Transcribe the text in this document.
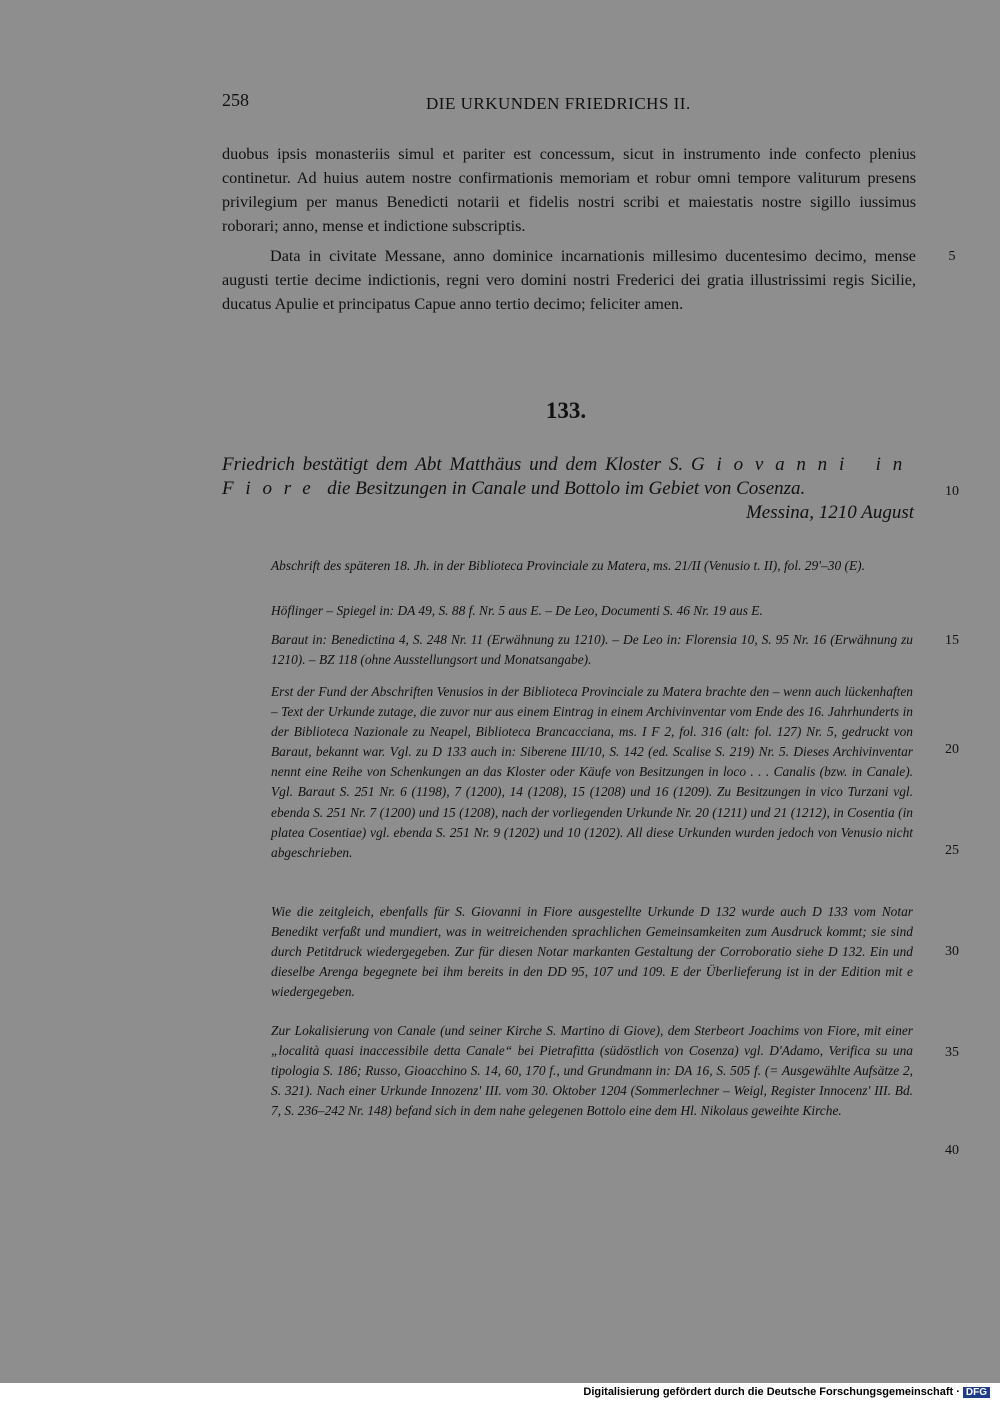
258	DIE URKUNDEN FRIEDRICHS II.
duobus ipsis monasteriis simul et pariter est concessum, sicut in instrumento inde confecto plenius continetur. Ad huius autem nostre confirmationis memoriam et robur omni tempore valiturum presens privilegium per manus Benedicti notarii et fidelis nostri scribi et maiestatis nostre sigillo iussimus roborari; anno, mense et indictione subscriptis.
Data in civitate Messane, anno dominice incarnationis millesimo ducentesimo decimo, mense augusti tertie decime indictionis, regni vero domini nostri Frederici dei gratia illustrissimi regis Sicilie, ducatus Apulie et principatus Capue anno tertio decimo; feliciter amen.
133.
Friedrich bestätigt dem Abt Matthäus und dem Kloster S. Giovanni in
Fiore die Besitzungen in Canale und Bottolo im Gebiet von Cosenza.
Messina, 1210 August
Abschrift des späteren 18. Jh. in der Biblioteca Provinciale zu Matera, ms. 21/II (Venusio t. II), fol. 29'–30 (E).
Höflinger – Spiegel in: DA 49, S. 88 f. Nr. 5 aus E. – De Leo, Documenti S. 46 Nr. 19 aus E.
Baraut in: Benedictina 4, S. 248 Nr. 11 (Erwähnung zu 1210). – De Leo in: Florensia 10, S. 95 Nr. 16 (Erwähnung zu 1210). – BZ 118 (ohne Ausstellungsort und Monatsangabe).
Erst der Fund der Abschriften Venusios in der Biblioteca Provinciale zu Matera brachte den – wenn auch lückenhaften – Text der Urkunde zutage, die zuvor nur aus einem Eintrag in einem Archivinventar vom Ende des 16. Jahrhunderts in der Biblioteca Nazionale zu Neapel, Biblioteca Brancacciana, ms. I F 2, fol. 316 (alt: fol. 127) Nr. 5, gedruckt von Baraut, bekannt war. Vgl. zu D 133 auch in: Siberene III/10, S. 142 (ed. Scalise S. 219) Nr. 5. Dieses Archivinventar nennt eine Reihe von Schenkungen an das Kloster oder Käufe von Besitzungen in loco . . . Canalis (bzw. in Canale). Vgl. Baraut S. 251 Nr. 6 (1198), 7 (1200), 14 (1208), 15 (1208) und 16 (1209). Zu Besitzungen in vico Turzani vgl. ebenda S. 251 Nr. 7 (1200) und 15 (1208), nach der vorliegenden Urkunde Nr. 20 (1211) und 21 (1212), in Cosentia (in platea Cosentiae) vgl. ebenda S. 251 Nr. 9 (1202) und 10 (1202). All diese Urkunden wurden jedoch von Venusio nicht abgeschrieben.
Wie die zeitgleich, ebenfalls für S. Giovanni in Fiore ausgestellte Urkunde D 132 wurde auch D 133 vom Notar Benedikt verfaßt und mundiert, was in weitreichenden sprachlichen Gemeinsamkeiten zum Ausdruck kommt; sie sind durch Petitdruck wiedergegeben. Zur für diesen Notar markanten Gestaltung der Corroboratio siehe D 132. Ein und dieselbe Arenga begegnete bei ihm bereits in den DD 95, 107 und 109. E der Überlieferung ist in der Edition mit e wiedergegeben.
Zur Lokalisierung von Canale (und seiner Kirche S. Martino di Giove), dem Sterbeort Joachims von Fiore, mit einer „località quasi inaccessibile detta Canale“ bei Pietrafitta (südöstlich von Cosenza) vgl. D'Adamo, Verifica su una tipologia S. 186; Russo, Gioacchino S. 14, 60, 170 f., und Grundmann in: DA 16, S. 505 f. (= Ausgewählte Aufsätze 2, S. 321). Nach einer Urkunde Innozenz' III. vom 30. Oktober 1204 (Sommerlechner – Weigl, Register Innocenz' III. Bd. 7, S. 236–242 Nr. 148) befand sich in dem nahe gelegenen Bottolo eine dem Hl. Nikolaus geweihte Kirche.
5
10
15
20
25
30
35
40
Digitalisierung gefördert durch die Deutsche Forschungsgemeinschaft · DFG
